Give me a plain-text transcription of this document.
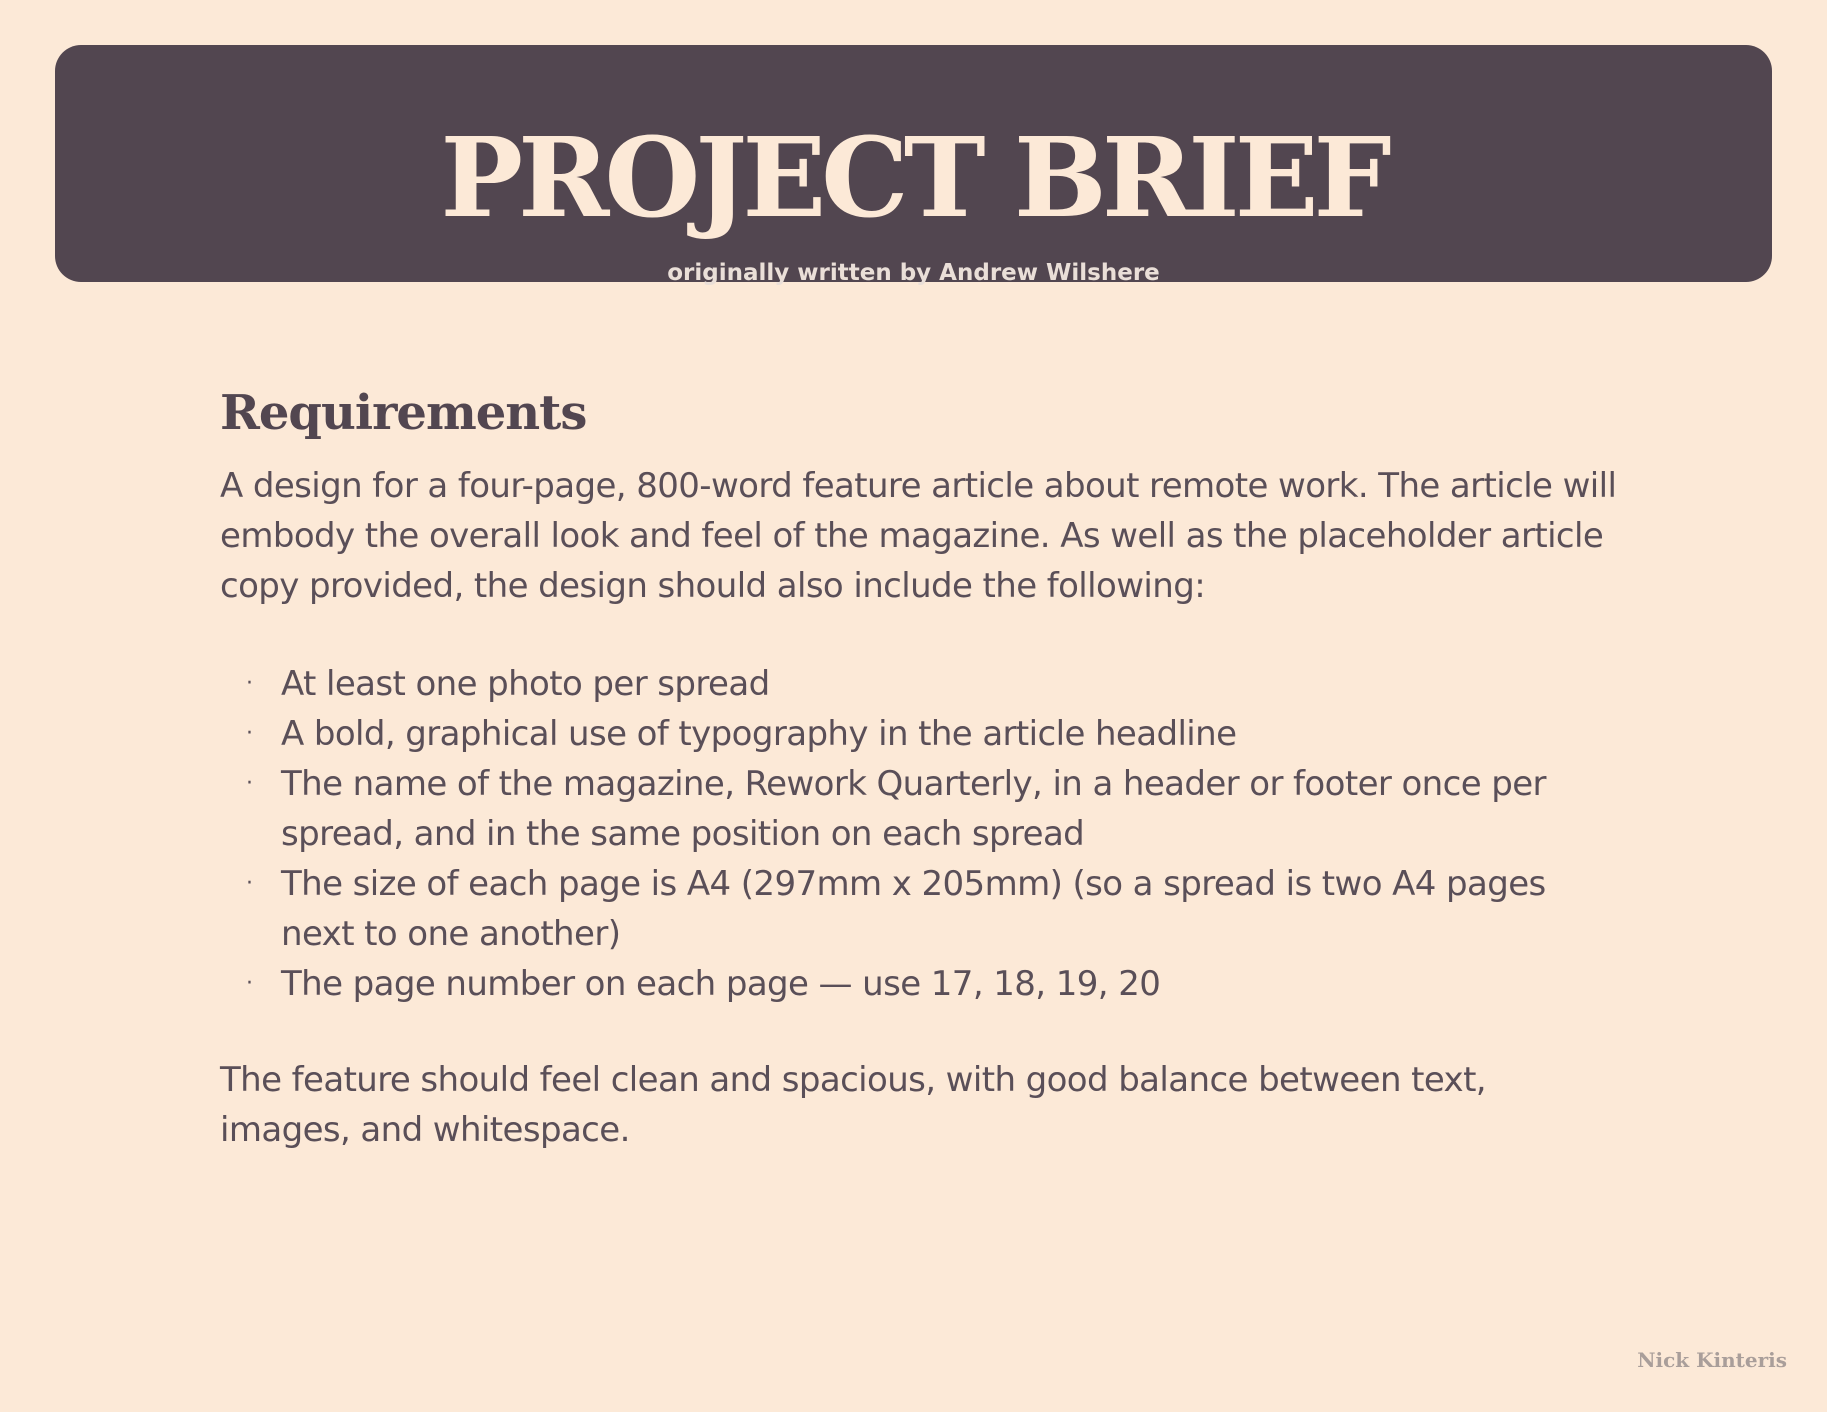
PROJECT BRIEF
originally written by Andrew Wilshere
Requirements

A design for a four-page, 800-word feature article about remote work. The article will embody the overall look and feel of the magazine. As well as the placeholder article copy provided, the design should also include the following:

· At least one photo per spread
· A bold, graphical use of typography in the article headline
· The name of the magazine, Rework Quarterly, in a header or footer once per spread, and in the same position on each spread
· The size of each page is A4 (297mm x 205mm) (so a spread is two A4 pages next to one another)
· The page number on each page — use 17, 18, 19, 20

The feature should feel clean and spacious, with good balance between text, images, and whitespace.

Nick Kinteris
